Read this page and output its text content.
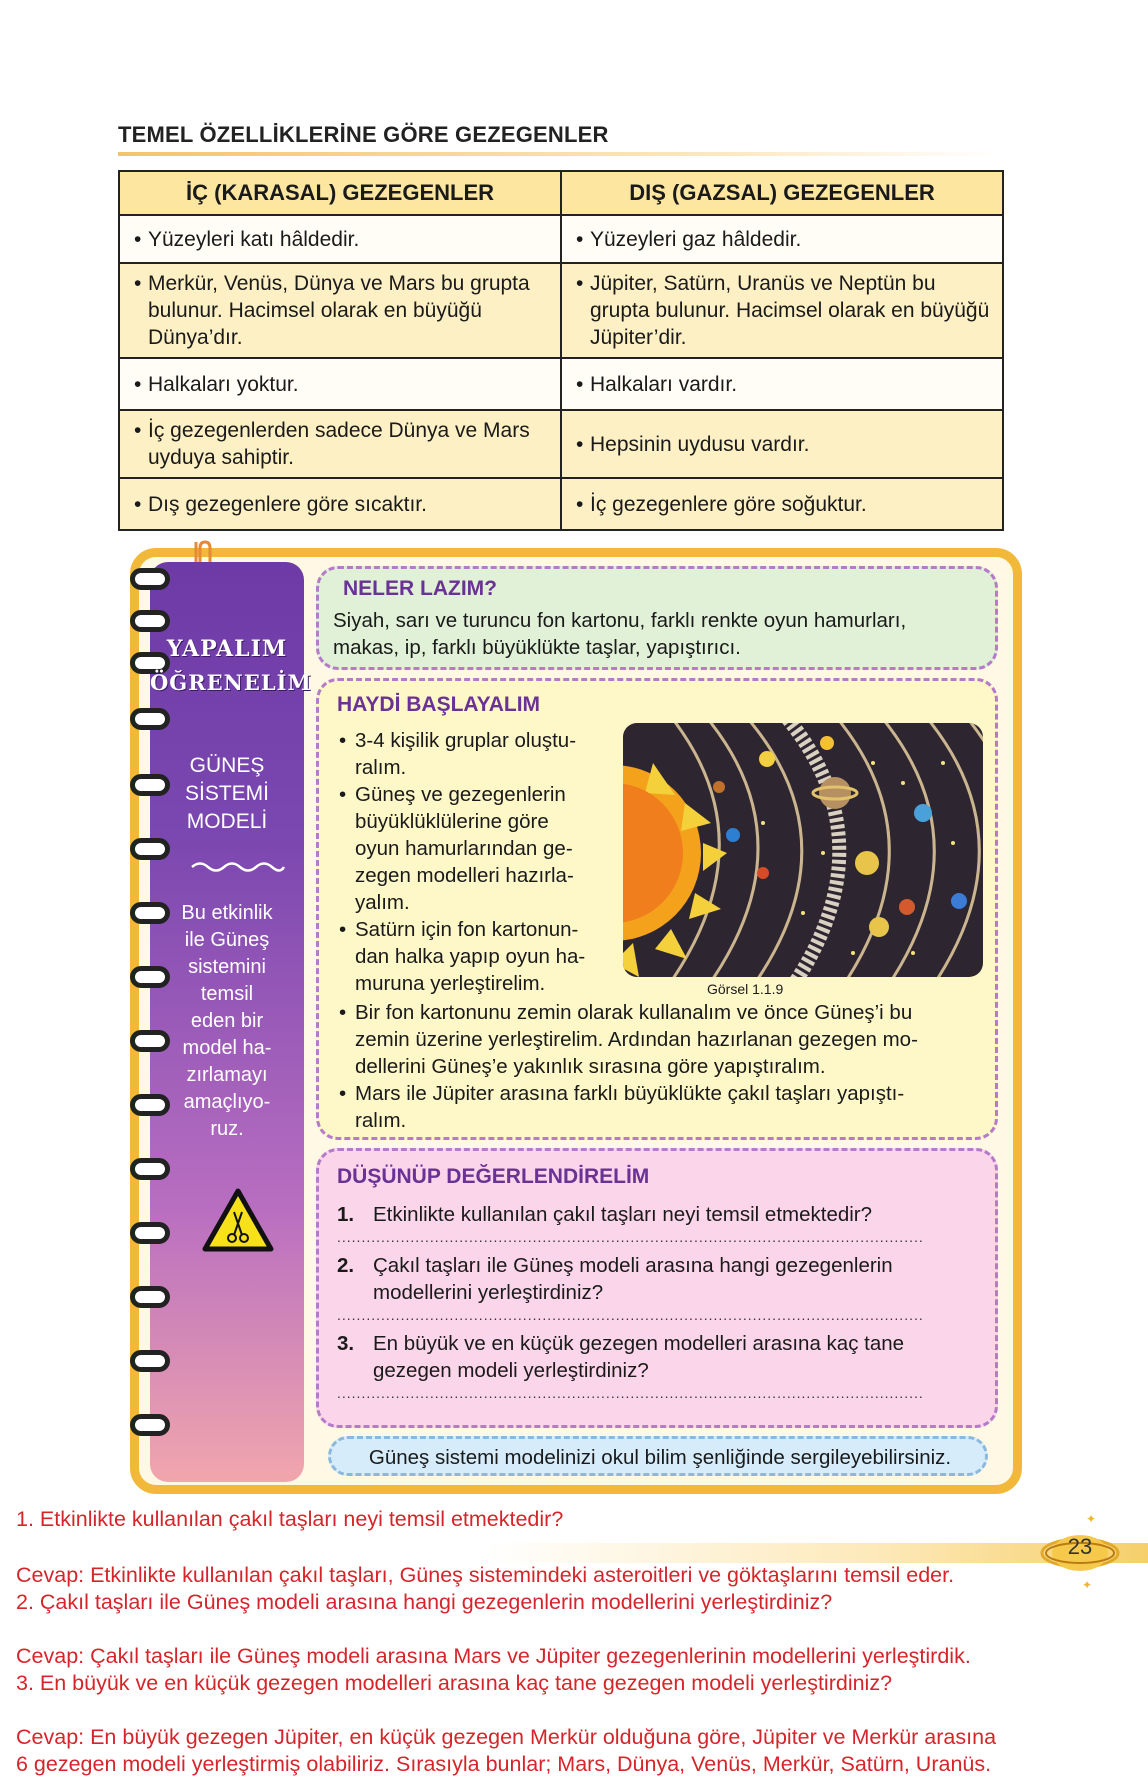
TEMEL ÖZELLİKLERİNE GÖRE GEZEGENLER
İÇ (KARASAL) GEZEGENLER	DIŞ (GAZSAL) GEZEGENLER

• Yüzeyleri katı hâldedir.	• Yüzeyleri gaz hâldedir.

• Merkür, Venüs, Dünya ve Mars bu grupta bulunur. Hacimsel olarak en büyüğü Dünya’dır.	• Jüpiter, Satürn, Uranüs ve Neptün bu grupta bulunur. Hacimsel olarak en büyüğü Jüpiter’dir.

• Halkaları yoktur.	• Halkaları vardır.

• İç gezegenlerden sadece Dünya ve Mars uyduya sahiptir.	• Hepsinin uydusu vardır.

• Dış gezegenlere göre sıcaktır.	• İç gezegenlere göre soğuktur.
YAPALIM
ÖĞRENELİM
GÜNEŞ
SİSTEMİ
MODELİ
Bu etkinlik
ile Güneş
sistemini
temsil
eden bir
model ha-
zırlamayı
amaçlıyo-
ruz.
NELER LAZIM?
Siyah, sarı ve turuncu fon kartonu, farklı renkte oyun hamurları,
makas, ip, farklı büyüklükte taşlar, yapıştırıcı.
HAYDİ BAŞLAYALIM
• 3-4 kişilik gruplar oluştu-
ralım.
• Güneş ve gezegenlerin
büyüklüklülerine göre
oyun hamurlarından ge-
zegen modelleri hazırla-
yalım.
• Satürn için fon kartonun-
dan halka yapıp oyun ha-
muruna yerleştirelim.	Görsel 1.1.9
• Bir fon kartonunu zemin olarak kullanalım ve önce Güneş’i bu
zemin üzerine yerleştirelim. Ardından hazırlanan gezegen mo-
dellerini Güneş’e yakınlık sırasına göre yapıştıralım.
• Mars ile Jüpiter arasına farklı büyüklükte çakıl taşları yapıştı-
ralım.
DÜŞÜNÜP DEĞERLENDİRELİM
1. Etkinlikte kullanılan çakıl taşları neyi temsil etmektedir?
........................................................................................................................
2. Çakıl taşları ile Güneş modeli arasına hangi gezegenlerin
modellerini yerleştirdiniz?
........................................................................................................................
3. En büyük ve en küçük gezegen modelleri arasına kaç tane
gezegen modeli yerleştirdiniz?
........................................................................................................................
Güneş sistemi modelinizi okul bilim şenliğinde sergileyebilirsiniz.
23
✦
✦
1. Etkinlikte kullanılan çakıl taşları neyi temsil etmektedir?
Cevap: Etkinlikte kullanılan çakıl taşları, Güneş sistemindeki asteroitleri ve göktaşlarını temsil eder.
2. Çakıl taşları ile Güneş modeli arasına hangi gezegenlerin modellerini yerleştirdiniz?
Cevap: Çakıl taşları ile Güneş modeli arasına Mars ve Jüpiter gezegenlerinin modellerini yerleştirdik.
3. En büyük ve en küçük gezegen modelleri arasına kaç tane gezegen modeli yerleştirdiniz?
Cevap: En büyük gezegen Jüpiter, en küçük gezegen Merkür olduğuna göre, Jüpiter ve Merkür arasına
6 gezegen modeli yerleştirmiş olabiliriz. Sırasıyla bunlar; Mars, Dünya, Venüs, Merkür, Satürn, Uranüs.
